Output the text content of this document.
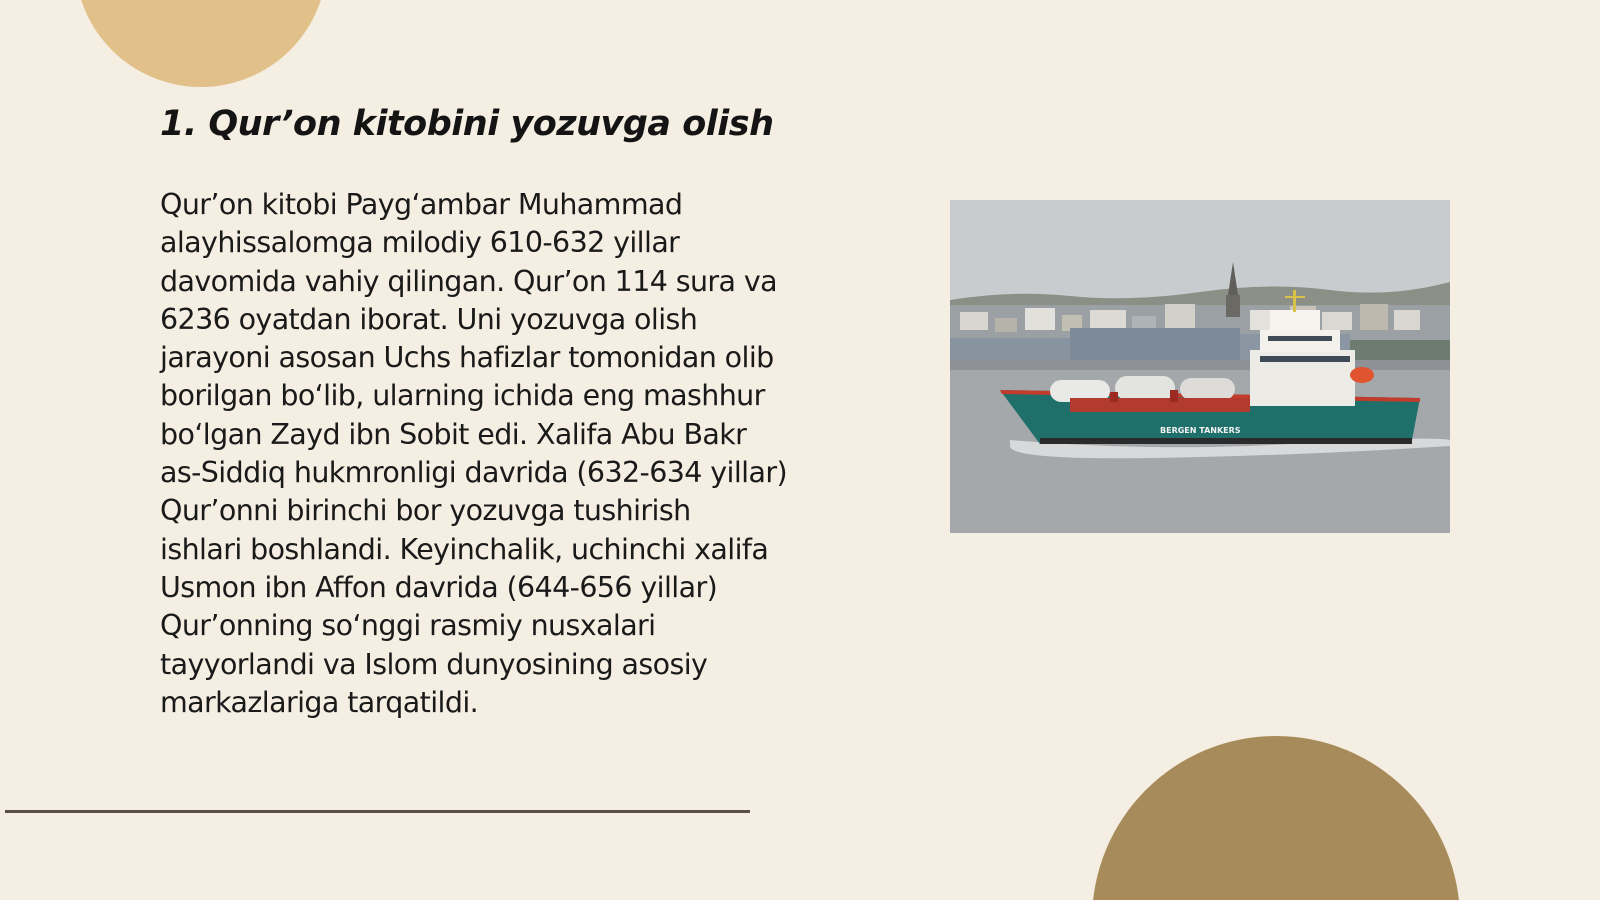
1. Qur’on kitobini yozuvga olish

Qur’on kitobi Payg‘ambar Muhammad
alayhissalomga milodiy 610-632 yillar
davomida vahiy qilingan. Qur’on 114 sura va
6236 oyatdan iborat. Uni yozuvga olish
jarayoni asosan Uchs hafizlar tomonidan olib
borilgan bo‘lib, ularning ichida eng mashhur
bo‘lgan Zayd ibn Sobit edi. Xalifa Abu Bakr
as-Siddiq hukmronligi davrida (632-634 yillar)
Qur’onni birinchi bor yozuvga tushirish
ishlari boshlandi. Keyinchalik, uchinchi xalifa
Usmon ibn Affon davrida (644-656 yillar)
Qur’onning so‘nggi rasmiy nusxalari
tayyorlandi va Islom dunyosining asosiy
markazlariga tarqatildi.

BERGEN TANKERS
